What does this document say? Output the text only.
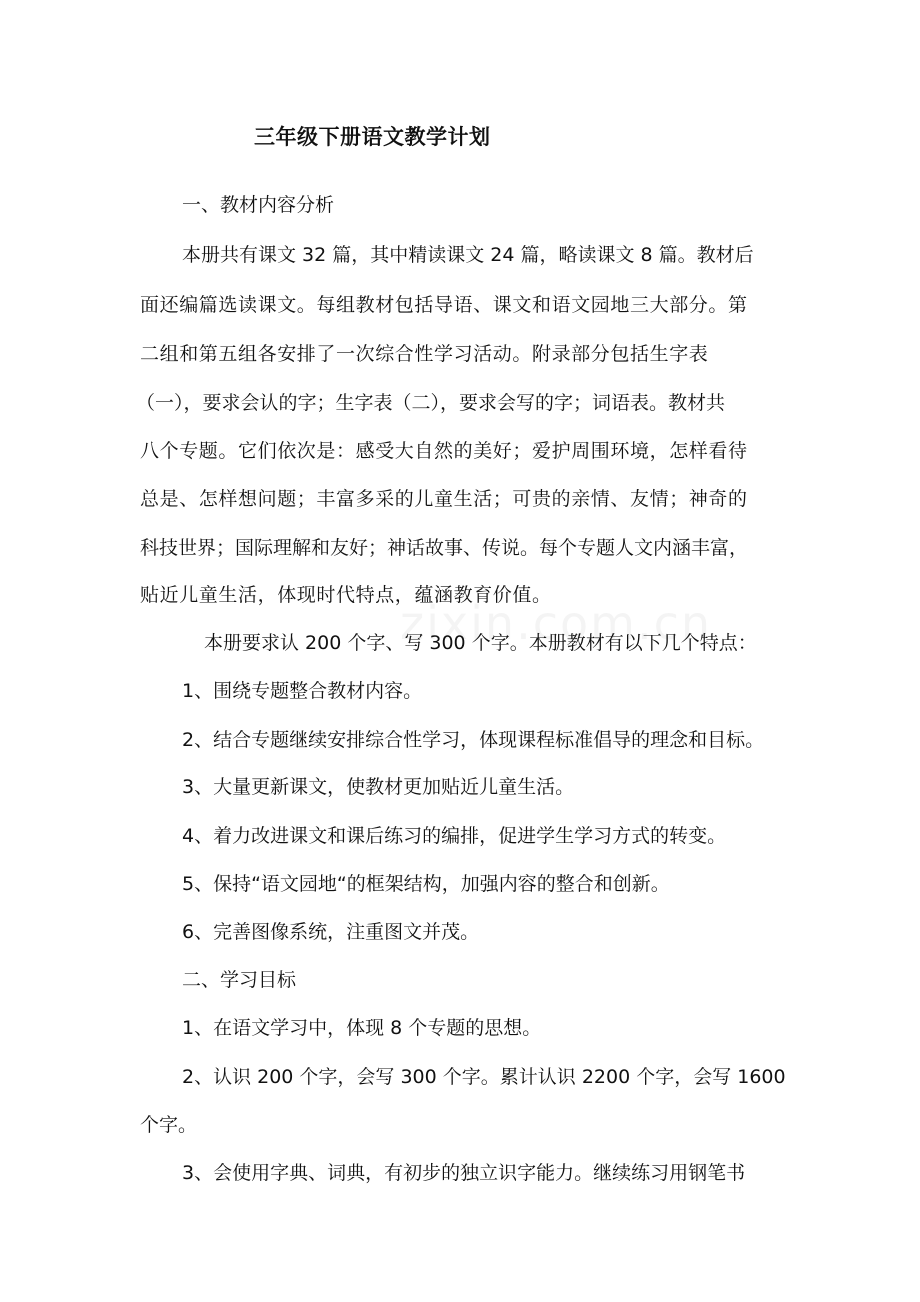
三年级下册语文教学计划
一、教材内容分析
本册共有课文 32 篇，其中精读课文 24 篇，略读课文 8 篇。教材后
面还编篇选读课文。每组教材包括导语、课文和语文园地三大部分。第
二组和第五组各安排了一次综合性学习活动。附录部分包括生字表
（一），要求会认的字；生字表（二），要求会写的字；词语表。教材共
八个专题。它们依次是：感受大自然的美好；爱护周围环境，怎样看待
总是、怎样想问题；丰富多采的儿童生活；可贵的亲情、友情；神奇的
科技世界；国际理解和友好；神话故事、传说。每个专题人文内涵丰富，
贴近儿童生活，体现时代特点，蕴涵教育价值。
本册要求认 200 个字、写 300 个字。本册教材有以下几个特点：
1、围绕专题整合教材内容。
2、结合专题继续安排综合性学习，体现课程标准倡导的理念和目标。
3、大量更新课文，使教材更加贴近儿童生活。
4、着力改进课文和课后练习的编排，促进学生学习方式的转变。
5、保持“语文园地“的框架结构，加强内容的整合和创新。
6、完善图像系统，注重图文并茂。
二、学习目标
1、在语文学习中，体现 8 个专题的思想。
2、认识 200 个字，会写 300 个字。累计认识 2200 个字，会写 1600
个字。
3、会使用字典、词典，有初步的独立识字能力。继续练习用钢笔书
